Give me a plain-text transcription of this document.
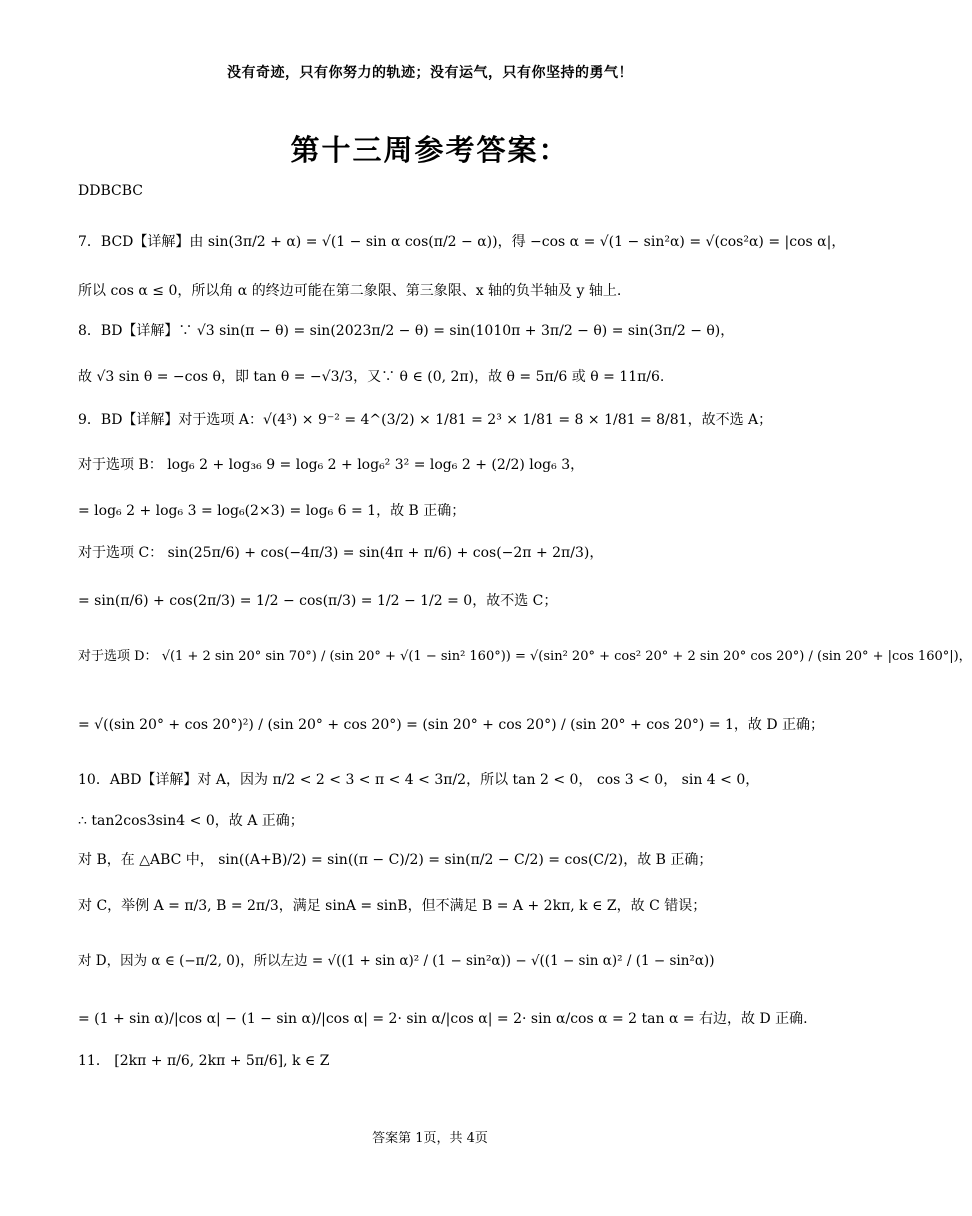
没有奇迹，只有你努力的轨迹；没有运气，只有你坚持的勇气！
第十三周参考答案：
DDBCBC
7．BCD【详解】由 sin(3π/2 + α) = √(1 − sin α cos(π/2 − α))，得 −cos α = √(1 − sin²α) = √(cos²α) = |cos α|，
所以 cos α ≤ 0，所以角 α 的终边可能在第二象限、第三象限、x 轴的负半轴及 y 轴上.
8．BD【详解】∵ √3 sin(π − θ) = sin(2023π/2 − θ) = sin(1010π + 3π/2 − θ) = sin(3π/2 − θ)，
故 √3 sin θ = −cos θ，即 tan θ = −√3/3，又∵ θ ∈ (0, 2π)，故 θ = 5π/6 或 θ = 11π/6.
9．BD【详解】对于选项 A：√(4³) × 9⁻² = 4^(3/2) × 1/81 = 2³ × 1/81 = 8 × 1/81 = 8/81，故不选 A；
对于选项 B： log₆ 2 + log₃₆ 9 = log₆ 2 + log₆² 3² = log₆ 2 + (2/2) log₆ 3，
= log₆ 2 + log₆ 3 = log₆(2×3) = log₆ 6 = 1，故 B 正确；
对于选项 C： sin(25π/6) + cos(−4π/3) = sin(4π + π/6) + cos(−2π + 2π/3)，
= sin(π/6) + cos(2π/3) = 1/2 − cos(π/3) = 1/2 − 1/2 = 0，故不选 C；
对于选项 D： √(1 + 2 sin 20° sin 70°) / (sin 20° + √(1 − sin² 160°)) = √(sin² 20° + cos² 20° + 2 sin 20° cos 20°) / (sin 20° + |cos 160°|)，
= √((sin 20° + cos 20°)²) / (sin 20° + cos 20°) = (sin 20° + cos 20°) / (sin 20° + cos 20°) = 1，故 D 正确；
10．ABD【详解】对 A，因为 π/2 < 2 < 3 < π < 4 < 3π/2，所以 tan 2 < 0， cos 3 < 0， sin 4 < 0，
∴ tan2cos3sin4 < 0，故 A 正确；
对 B，在 △ABC 中， sin((A+B)/2) = sin((π − C)/2) = sin(π/2 − C/2) = cos(C/2)，故 B 正确；
对 C，举例 A = π/3, B = 2π/3，满足 sinA = sinB，但不满足 B = A + 2kπ, k ∈ Z，故 C 错误；
对 D，因为 α ∈ (−π/2, 0)，所以左边 = √((1 + sin α)² / (1 − sin²α)) − √((1 − sin α)² / (1 − sin²α))
= (1 + sin α)/|cos α| − (1 − sin α)/|cos α| = 2· sin α/|cos α| = 2· sin α/cos α = 2 tan α = 右边，故 D 正确.
11． [2kπ + π/6, 2kπ + 5π/6], k ∈ Z
答案第 1页，共 4页
